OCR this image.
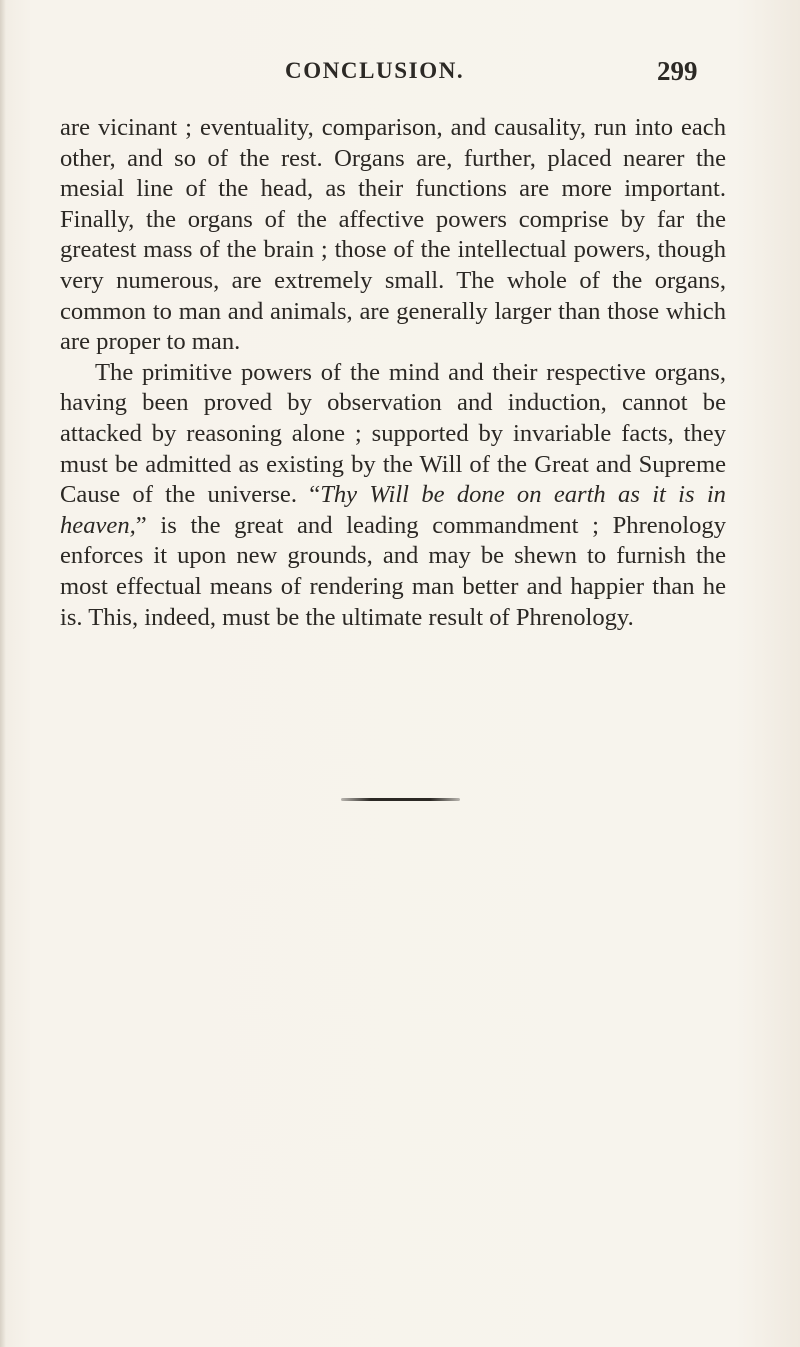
CONCLUSION.	299

are vicinant ; eventuality, comparison, and causality, run into each other, and so of the rest. Organs are, further, placed nearer the mesial line of the head, as their functions are more important. Finally, the organs of the affective powers comprise by far the greatest mass of the brain ; those of the intellectual powers, though very numerous, are extremely small. The whole of the organs, common to man and animals, are generally larger than those which are proper to man.

The primitive powers of the mind and their respective organs, having been proved by observation and induction, cannot be attacked by reasoning alone ; supported by invariable facts, they must be admitted as existing by the Will of the Great and Supreme Cause of the universe. “Thy Will be done on earth as it is in heaven,” is the great and leading commandment ; Phrenology enforces it upon new grounds, and may be shewn to furnish the most effectual means of rendering man better and happier than he is. This, indeed, must be the ultimate result of Phrenology.
